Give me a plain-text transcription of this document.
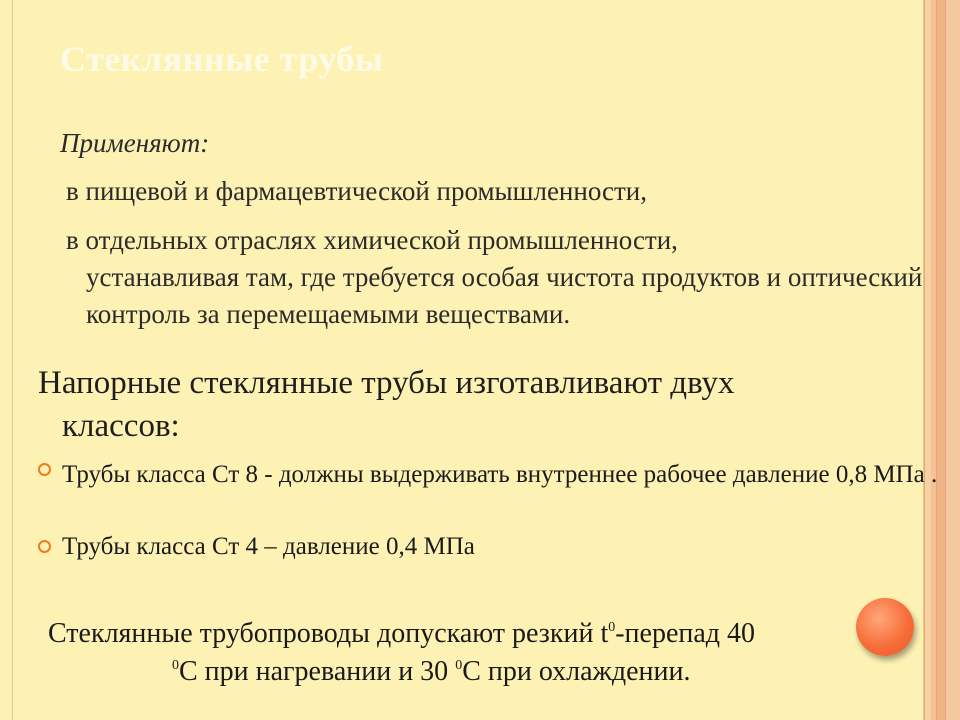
Стеклянные трубы
Применяют:
в пищевой и фармацевтической промышленности,
в отдельных отраслях химической промышленности,
устанавливая там, где требуется особая чистота продуктов и оптический контроль за перемещаемыми веществами.
Напорные стеклянные трубы изготавливают двух
классов:
Трубы класса Ст 8 - должны выдерживать внутреннее рабочее давление 0,8 МПа .
Трубы класса Ст 4 – давление 0,4 МПа
Стеклянные трубопроводы допускают резкий $t^0$-перепад 40
$^0$С при нагревании и 30 $^0$С при охлаждении.
